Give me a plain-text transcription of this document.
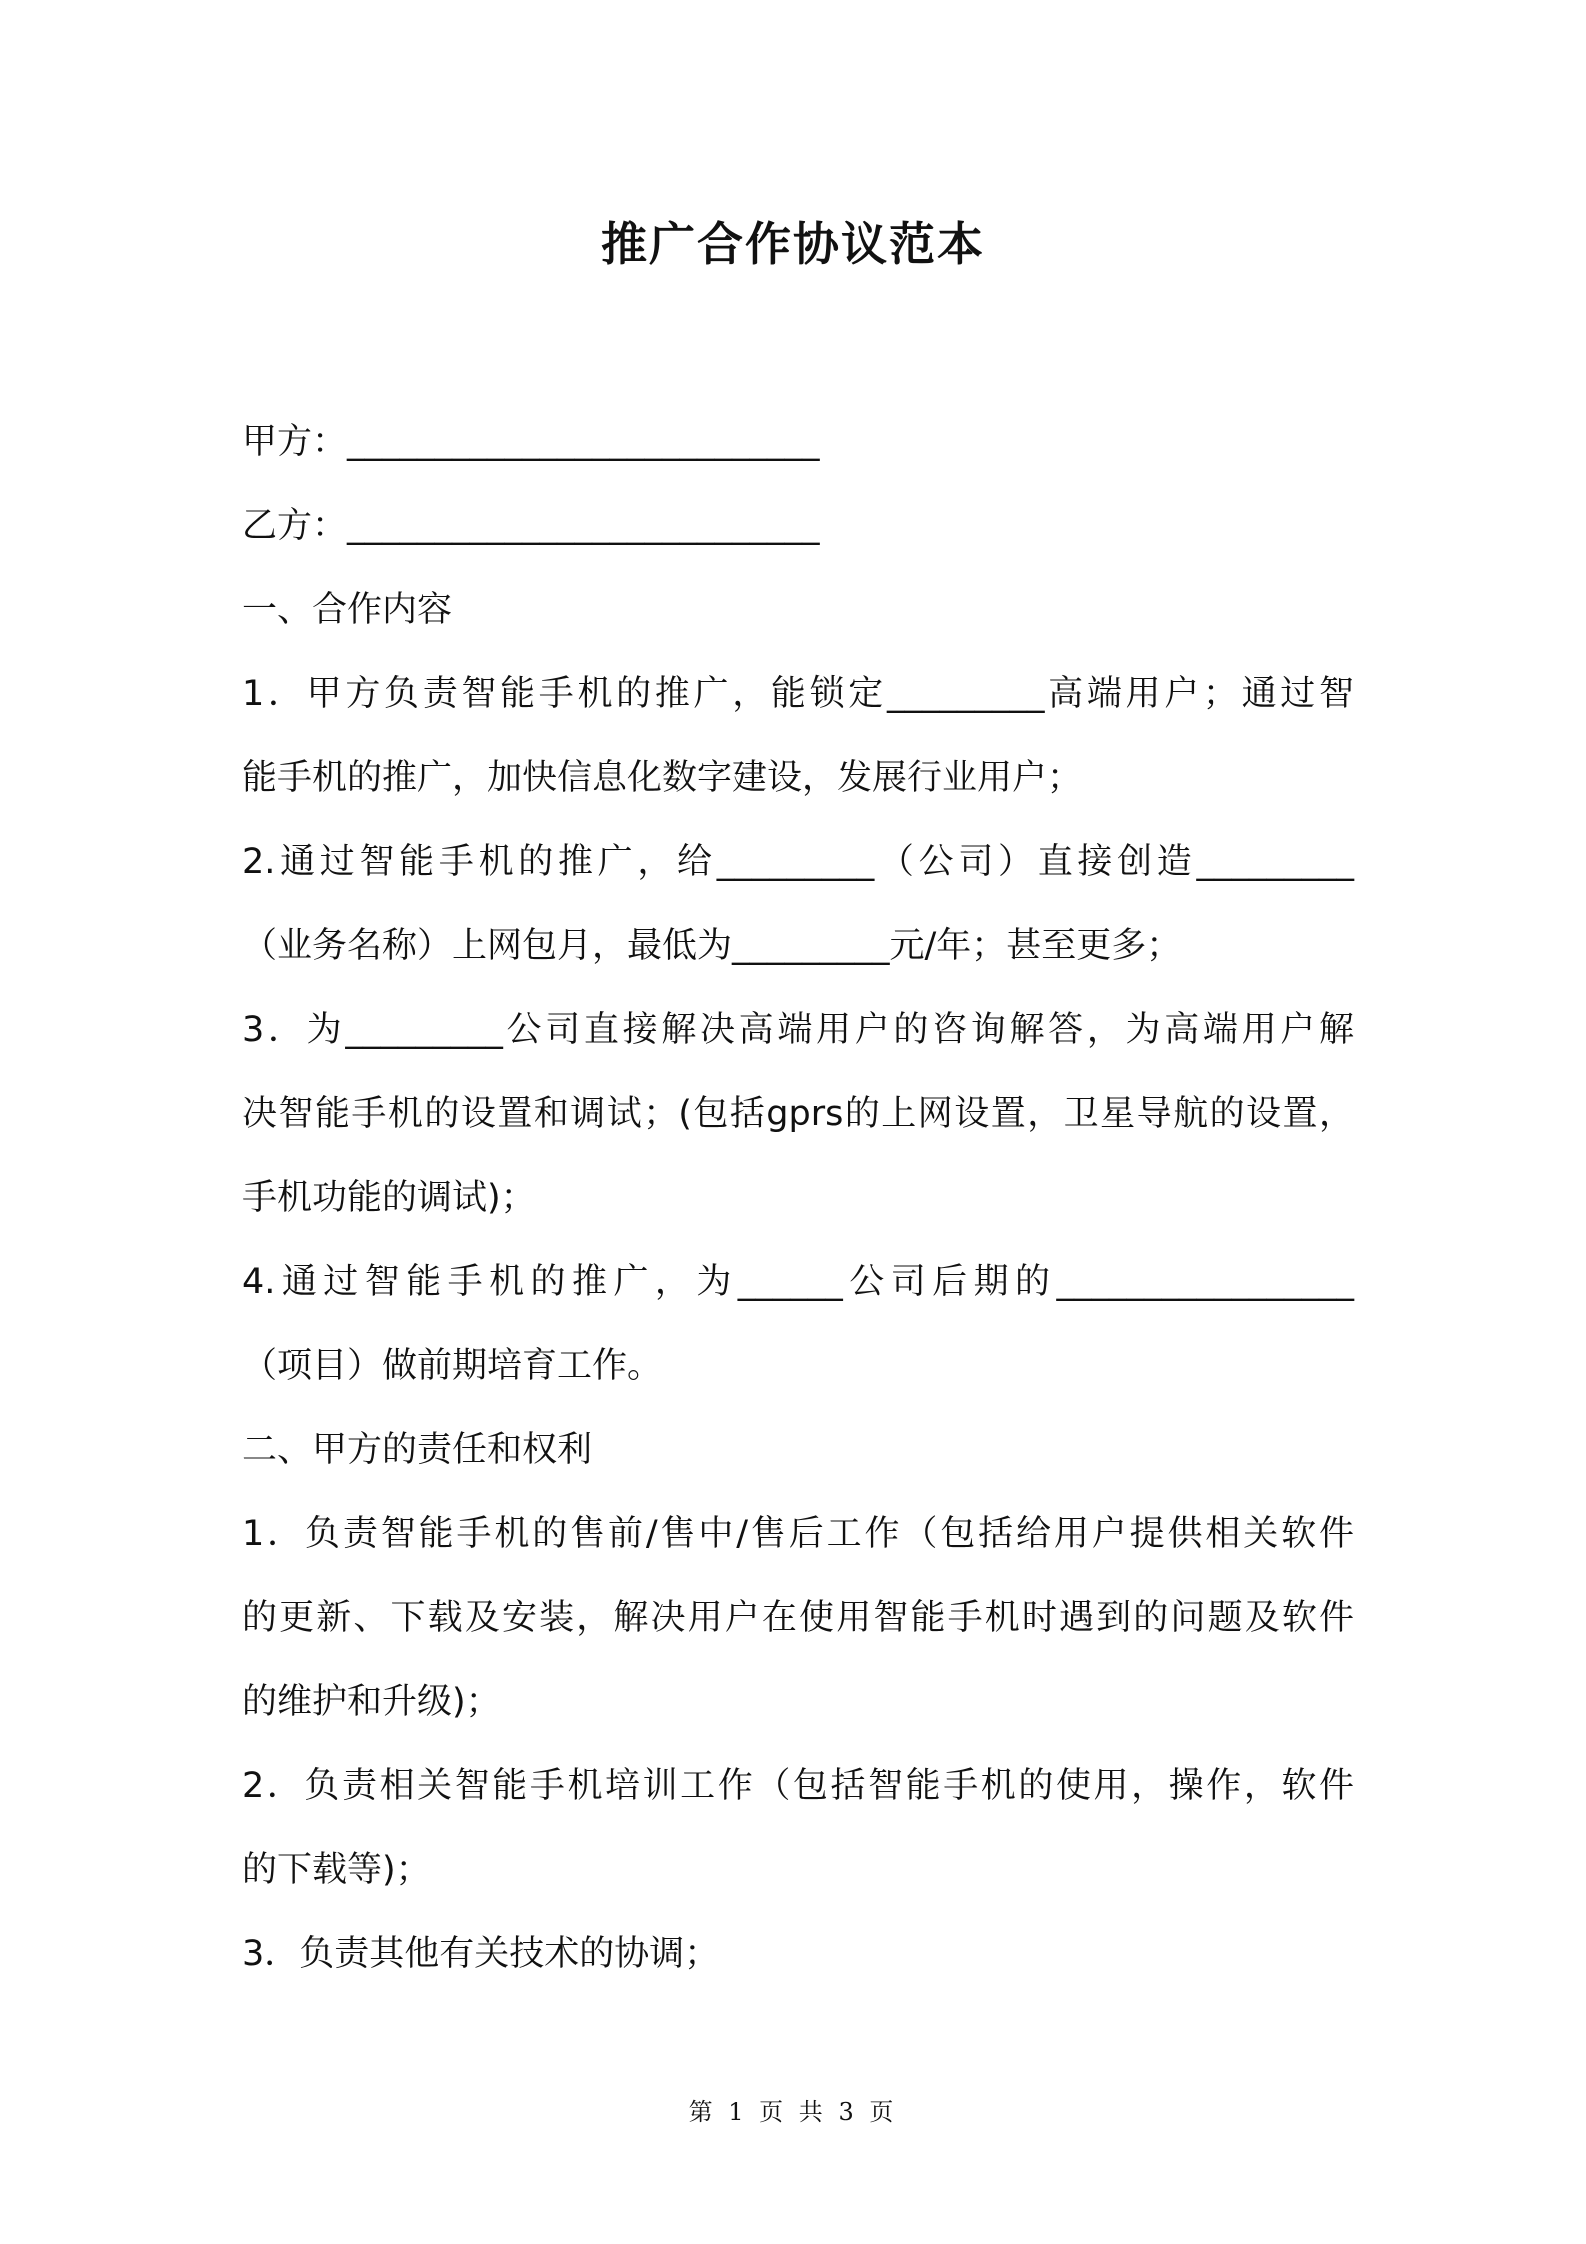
推广合作协议范本
甲方：___________________________
乙方：___________________________
一、合作内容
1．甲方负责智能手机的推广，能锁定_________高端用户；通过智
能手机的推广，加快信息化数字建设，发展行业用户；
2.通过智能手机的推广，给_________（公司）直接创造_________
（业务名称）上网包月，最低为_________元/年；甚至更多；
3．为_________公司直接解决高端用户的咨询解答，为高端用户解
决智能手机的设置和调试；(包括gprs的上网设置，卫星导航的设置，
手机功能的调试)；
4.通过智能手机的推广，为______公司后期的_________________
（项目）做前期培育工作。
二、甲方的责任和权利
1．负责智能手机的售前/售中/售后工作（包括给用户提供相关软件
的更新、下载及安装，解决用户在使用智能手机时遇到的问题及软件
的维护和升级)；
2．负责相关智能手机培训工作（包括智能手机的使用，操作，软件
的下载等)；
3．负责其他有关技术的协调；
第 1 页 共 3 页
